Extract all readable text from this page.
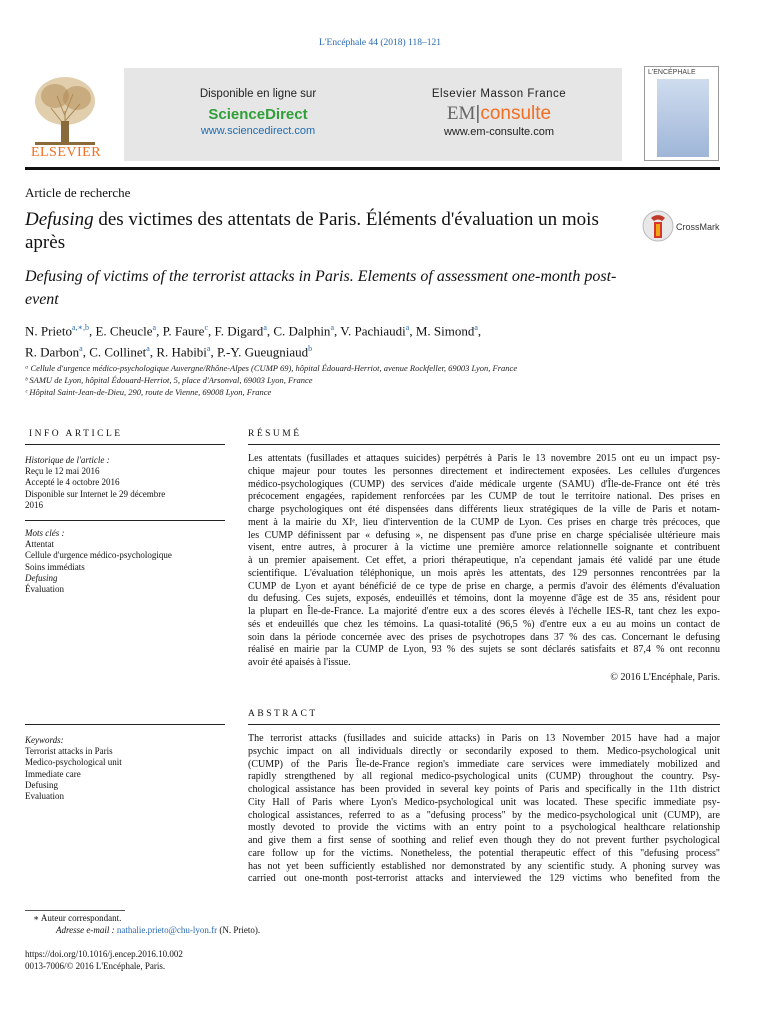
L'Encéphale 44 (2018) 118–121
ELSEVIER
Disponible en ligne sur
ScienceDirect
www.sciencedirect.com
Elsevier Masson France
EM|consulte
www.em-consulte.com
L'ENCÉPHALE
Article de recherche
Defusing des victimes des attentats de Paris. Éléments d'évaluation un mois après
CrossMark
Defusing of victims of the terrorist attacks in Paris. Elements of assessment one-month post-event
N. Prieto$^{a,∗,b}$, E. Cheucle$^a$, P. Faure$^c$, F. Digard$^a$, C. Dalphin$^a$, V. Pachiaudi$^a$, M. Simond$^a$,
R. Darbon$^a$, C. Collinet$^a$, R. Habibi$^a$, P.-Y. Gueugniaud$^b$
ᵃ Cellule d'urgence médico-psychologique Auvergne/Rhône-Alpes (CUMP 69), hôpital Édouard-Herriot, avenue Rockfeller, 69003 Lyon, France
ᵇ SAMU de Lyon, hôpital Édouard-Herriot, 5, place d'Arsonval, 69003 Lyon, France
ᶜ Hôpital Saint-Jean-de-Dieu, 290, route de Vienne, 69008 Lyon, France
INFO ARTICLE	RÉSUMÉ
Historique de l'article :
Reçu le 12 mai 2016
Accepté le 4 octobre 2016
Disponible sur Internet le 29 décembre
2016
Mots clés :
Attentat
Cellule d'urgence médico-psychologique
Soins immédiats
Defusing
Évaluation
Les attentats (fusillades et attaques suicides) perpétrés à Paris le 13 novembre 2015 ont eu un impact psy-
chique majeur pour toutes les personnes directement et indirectement exposées. Les cellules d'urgences
médico-psychologiques (CUMP) des services d'aide médicale urgente (SAMU) d'Île-de-France ont été très
précocement engagées, rapidement renforcées par les CUMP de tout le territoire national. Des prises en
charge psychologiques ont été dispensées dans différents lieux stratégiques de la ville de Paris et notam-
ment à la mairie du XIᵉ, lieu d'intervention de la CUMP de Lyon. Ces prises en charge très précoces, que
les CUMP définissent par « defusing », ne dispensent pas d'une prise en charge spécialisée ultérieure mais
visent, entre autres, à procurer à la victime une première amorce relationnelle soignante et contribuent
à un premier apaisement. Cet effet, a priori thérapeutique, n'a cependant jamais été validé par une étude
scientifique. L'évaluation téléphonique, un mois après les attentats, des 129 personnes rencontrées par la
CUMP de Lyon et ayant bénéficié de ce type de prise en charge, a permis d'avoir des éléments d'évaluation
du defusing. Ces sujets, exposés, endeuillés et témoins, dont la moyenne d'âge est de 35 ans, résident pour
la plupart en Île-de-France. La majorité d'entre eux a des scores élevés à l'échelle IES-R, tant chez les expo-
sés et endeuillés que chez les témoins. La quasi-totalité (96,5 %) d'entre eux a eu au moins un contact de
soin dans la période concernée avec des prises de psychotropes dans 37 % des cas. Concernant le defusing
réalisé en mairie par la CUMP de Lyon, 93 % des sujets se sont déclarés satisfaits et 87,4 % ont reconnu
avoir été apaisés à l'issue.
© 2016 L'Encéphale, Paris.
ABSTRACT
Keywords:
Terrorist attacks in Paris
Medico-psychological unit
Immediate care
Defusing
Evaluation
The terrorist attacks (fusillades and suicide attacks) in Paris on 13 November 2015 have had a major
psychic impact on all individuals directly or secondarily exposed to them. Medico-psychological unit
(CUMP) of the Paris Île-de-France region's immediate care services were immediately mobilized and
rapidly strengthened by all regional medico-psychological units (CUMP) throughout the country. Psy-
chological assistance has been provided in several key points of Paris and specifically in the 11th district
City Hall of Paris where Lyon's Medico-psychological unit was located. These specific immediate psy-
chological assistances, referred to as a "defusing process" by the medico-psychological unit (CUMP), are
mostly devoted to provide the victims with an entry point to a psychological healthcare relationship
and give them a first sense of soothing and relief even though they do not prevent further psychological
care follow up for the victims. Nonetheless, the potential therapeutic effect of this "defusing process"
has not yet been sufficiently established nor demonstrated by any scientific study. A phoning survey was
carried out one-month post-terrorist attacks and interviewed the 129 victims who benefited from the
∗ Auteur correspondant.
Adresse e-mail : nathalie.prieto@chu-lyon.fr (N. Prieto).
https://doi.org/10.1016/j.encep.2016.10.002
0013-7006/© 2016 L'Encéphale, Paris.
